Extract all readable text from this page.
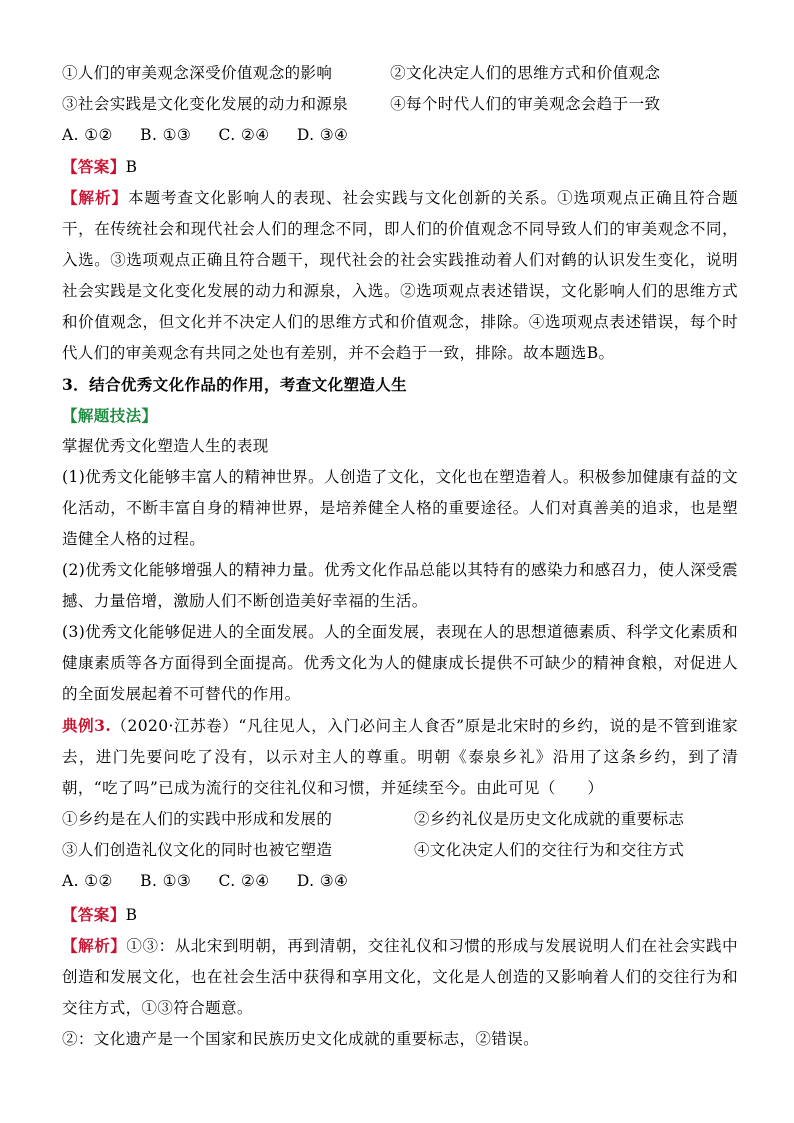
①人们的审美观念深受价值观念的影响	②文化决定人们的思维方式和价值观念
③社会实践是文化变化发展的动力和源泉	④每个时代人们的审美观念会趋于一致
A. ①② B. ①③ C. ②④ D. ③④
【答案】B
【解析】本题考查文化影响人的表现、社会实践与文化创新的关系。①选项观点正确且符合题干，在传统社会和现代社会人们的理念不同，即人们的价值观念不同导致人们的审美观念不同，入选。③选项观点正确且符合题干，现代社会的社会实践推动着人们对鹤的认识发生变化，说明社会实践是文化变化发展的动力和源泉，入选。②选项观点表述错误，文化影响人们的思维方式和价值观念，但文化并不决定人们的思维方式和价值观念，排除。④选项观点表述错误，每个时代人们的审美观念有共同之处也有差别，并不会趋于一致，排除。故本题选B。
3．结合优秀文化作品的作用，考查文化塑造人生
【解题技法】
掌握优秀文化塑造人生的表现
(1)优秀文化能够丰富人的精神世界。人创造了文化，文化也在塑造着人。积极参加健康有益的文化活动，不断丰富自身的精神世界，是培养健全人格的重要途径。人们对真善美的追求，也是塑造健全人格的过程。
(2)优秀文化能够增强人的精神力量。优秀文化作品总能以其特有的感染力和感召力，使人深受震撼、力量倍增，激励人们不断创造美好幸福的生活。
(3)优秀文化能够促进人的全面发展。人的全面发展，表现在人的思想道德素质、科学文化素质和健康素质等各方面得到全面提高。优秀文化为人的健康成长提供不可缺少的精神食粮，对促进人的全面发展起着不可替代的作用。
典例3.（2020·江苏卷）“凡往见人，入门必问主人食否”原是北宋时的乡约，说的是不管到谁家去，进门先要问吃了没有，以示对主人的尊重。明朝《泰泉乡礼》沿用了这条乡约，到了清朝，“吃了吗”已成为流行的交往礼仪和习惯，并延续至今。由此可见（　　）
①乡约是在人们的实践中形成和发展的	②乡约礼仪是历史文化成就的重要标志
③人们创造礼仪文化的同时也被它塑造	④文化决定人们的交往行为和交往方式
A. ①② B. ①③ C. ②④ D. ③④
【答案】B
【解析】①③：从北宋到明朝，再到清朝，交往礼仪和习惯的形成与发展说明人们在社会实践中创造和发展文化，也在社会生活中获得和享用文化，文化是人创造的又影响着人们的交往行为和交往方式，①③符合题意。
②：文化遗产是一个国家和民族历史文化成就的重要标志，②错误。
